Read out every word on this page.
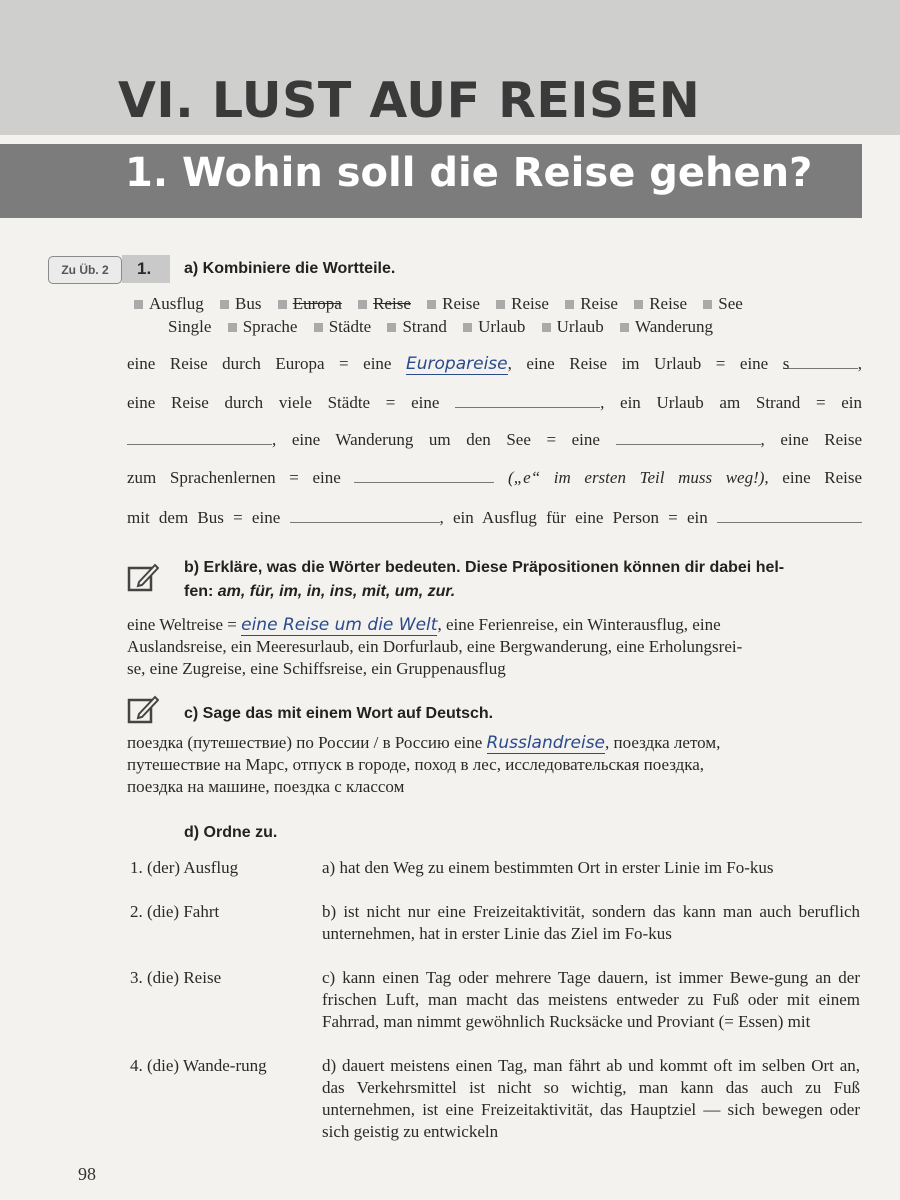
VI. LUST AUF REISEN
1. Wohin soll die Reise gehen?
Zu Üb. 2	1. a) Kombiniere die Wortteile.
Ausflug Bus Europa Reise Reise Reise Reise Reise See
Single Sprache Städte Strand Urlaub Urlaub Wanderung
eine Reise durch Europa = eine Europareise, eine Reise im Urlaub = eine s	,
eine Reise durch viele Städte = eine	, ein Urlaub am Strand = ein
, eine Wanderung um den See = eine	, eine Reise
zum Sprachenlernen = eine	(„e“ im ersten Teil muss weg!), eine Reise
mit dem Bus = eine	, ein Ausflug für eine Person = ein
b) Erkläre, was die Wörter bedeuten. Diese Präpositionen können dir dabei hel-
fen: am, für, im, in, ins, mit, um, zur.
eine Weltreise = eine Reise um die Welt, eine Ferienreise, ein Winterausflug, eine
Auslandsreise, ein Meeresurlaub, ein Dorfurlaub, eine Bergwanderung, eine Erholungsrei-
se, eine Zugreise, eine Schiffsreise, ein Gruppenausflug
c) Sage das mit einem Wort auf Deutsch.
поездка (путешествие) по России / в Россию eine Russlandreise, поездка летом,
путешествие на Марс, отпуск в городе, поход в лес, исследовательская поездка,
поездка на машине, поездка с классом
d) Ordne zu.
1. (der) Ausflug	a) hat den Weg zu einem bestimmten Ort in erster Linie im Fo-kus
2. (die) Fahrt	b) ist nicht nur eine Freizeitaktivität, sondern das kann man auch beruflich unternehmen, hat in erster Linie das Ziel im Fo-kus
3. (die) Reise	c) kann einen Tag oder mehrere Tage dauern, ist immer Bewe-gung an der frischen Luft, man macht das meistens entweder zu Fuß oder mit einem Fahrrad, man nimmt gewöhnlich Rucksäcke und Proviant (= Essen) mit
4. (die) Wande-rung	d) dauert meistens einen Tag, man fährt ab und kommt oft im selben Ort an, das Verkehrsmittel ist nicht so wichtig, man kann das auch zu Fuß unternehmen, ist eine Freizeitaktivität, das Hauptziel — sich bewegen oder sich geistig zu entwickeln
98
